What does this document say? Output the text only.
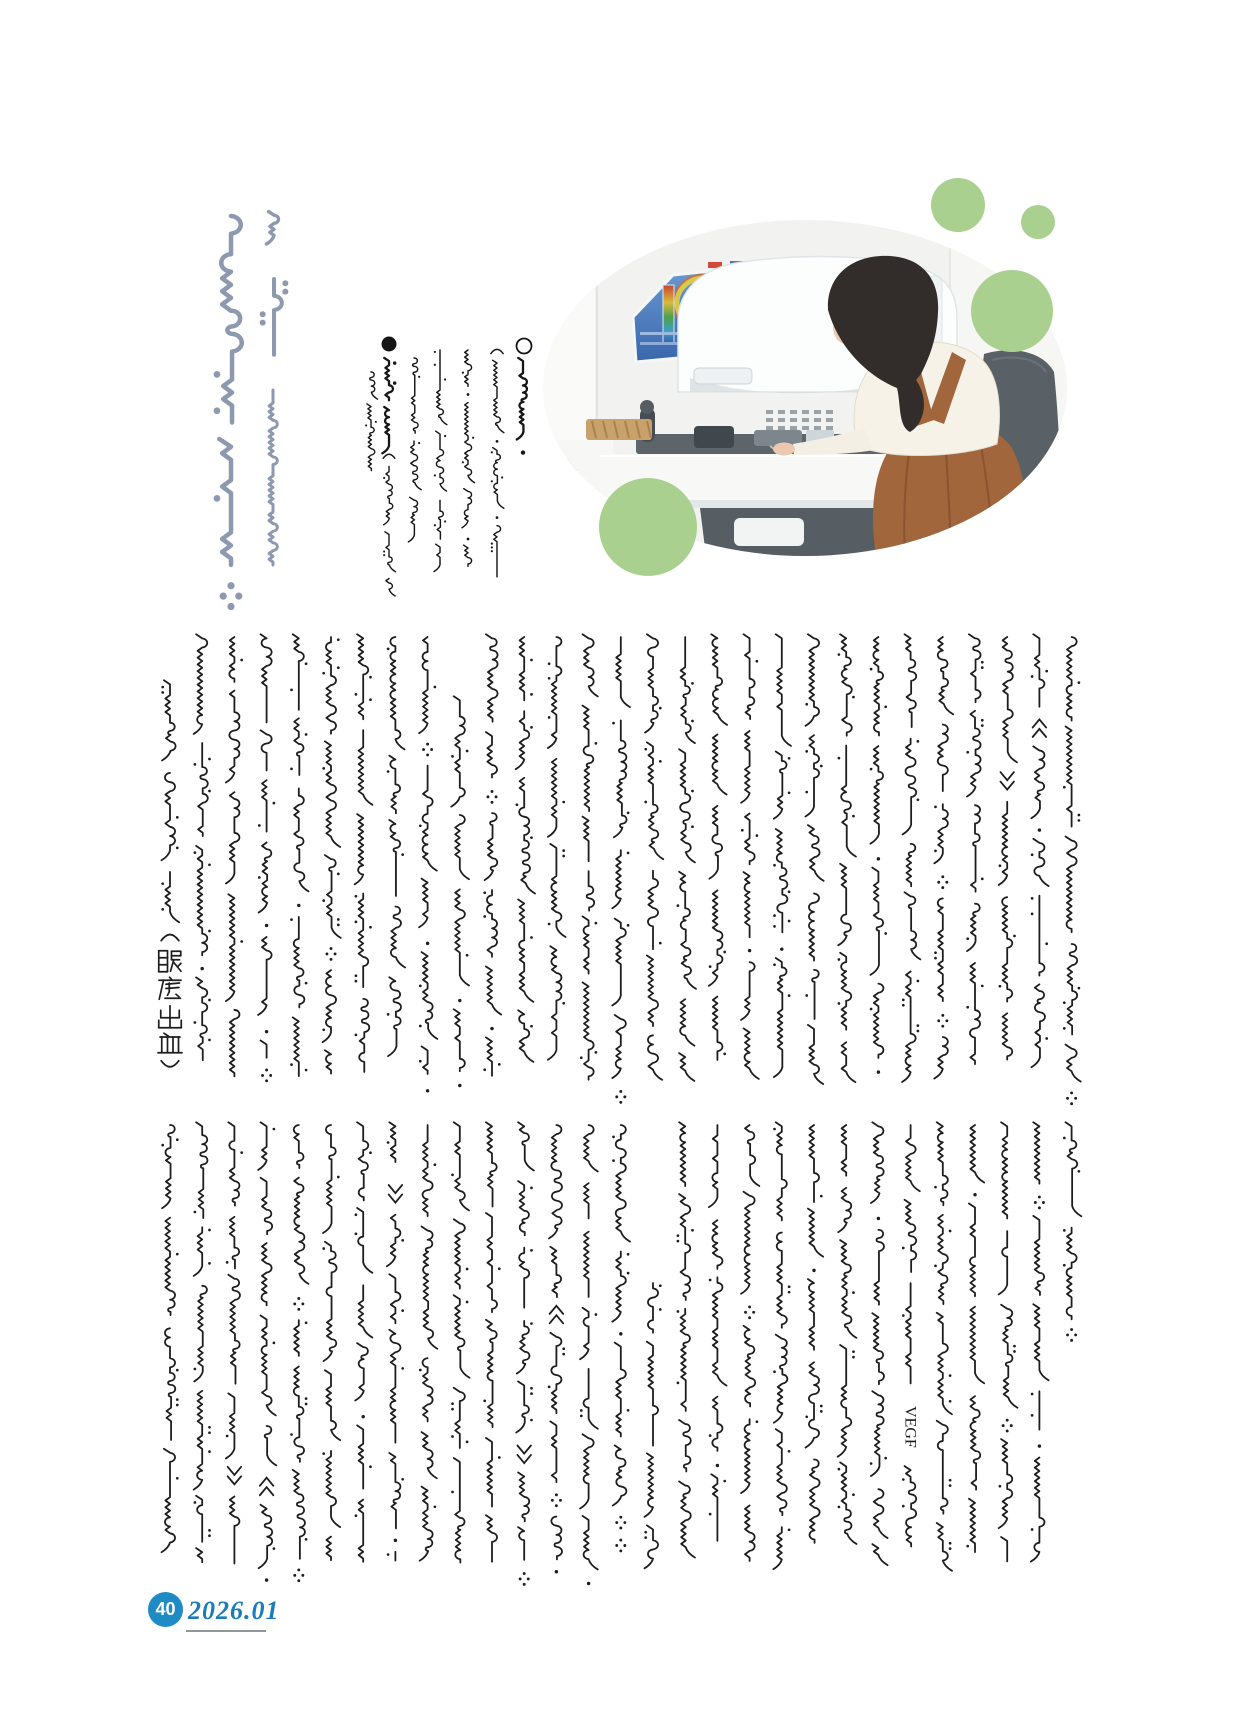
VEGF
40 2026.01
